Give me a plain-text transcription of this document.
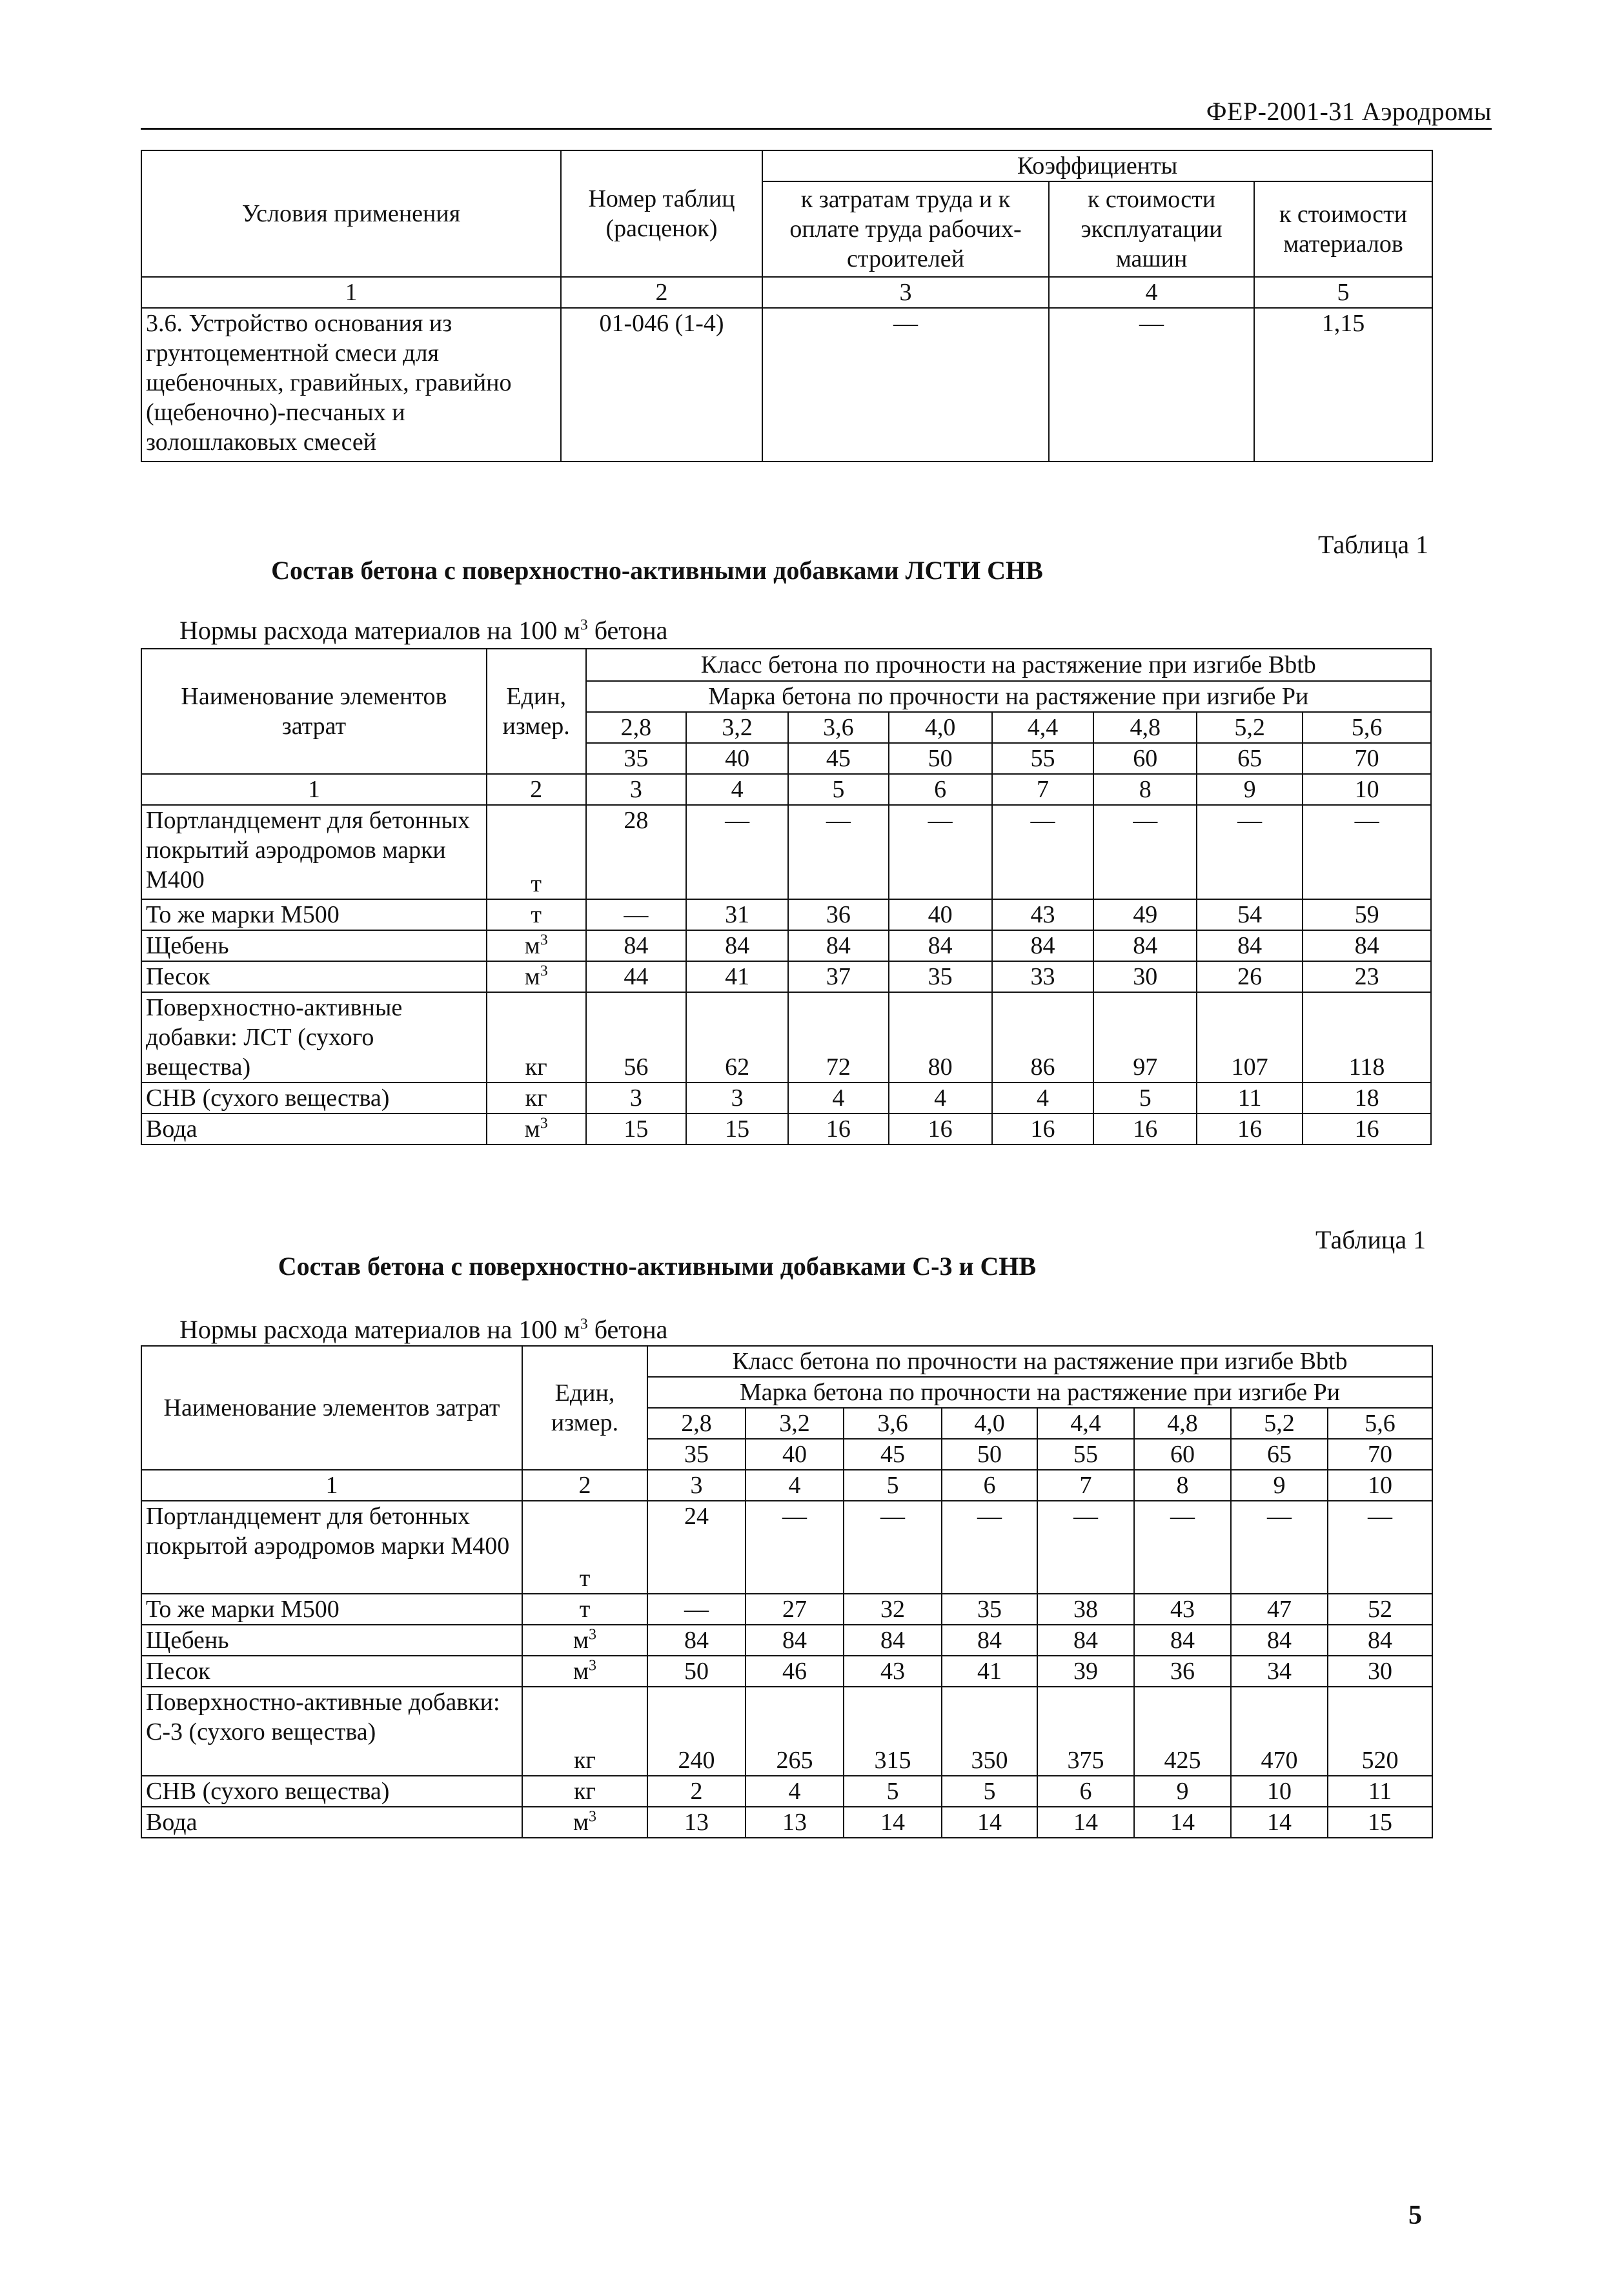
ФЕР-2001-31 Аэродромы
Условия применения	Номер таблиц (расценок)	Коэффициенты		
		к затратам труда и к оплате труда рабочих-строителей	к стоимости эксплуатации машин	к стоимости материалов
1	2	3	4	5
3.6. Устройство основания из грунтоцементной смеси для щебеночных, гравийных, гравийно (щебеночно)-песчаных и золошлаковых смесей	01-046 (1-4)	—	—	1,15
Таблица 1
Состав бетона с поверхностно-активными добавками ЛСТИ СНВ
Нормы расхода материалов на 100 $м^3$ бетона
Наименование элементов затрат	Един, измер.	Класс бетона по прочности на растяжение при изгибе Bbtb							
		Марка бетона по прочности на растяжение при изгибе Ри							
		2,8	3,2	3,6	4,0	4,4	4,8	5,2	5,6
		35	40	45	50	55	60	65	70
1	2	3	4	5	6	7	8	9	10
Портландцемент для бетонных покрытий аэродромов марки М400	т	28	—	—	—	—	—	—	—
То же марки М500	т	—	31	36	40	43	49	54	59
Щебень	$м^3$	84	84	84	84	84	84	84	84
Песок	$м^3$	44	41	37	35	33	30	26	23
Поверхностно-активные добавки: ЛСТ (сухого вещества)	кг	56	62	72	80	86	97	107	118
СНВ (сухого вещества)	кг	3	3	4	4	4	5	11	18
Вода	$м^3$	15	15	16	16	16	16	16	16
Таблица 1
Состав бетона с поверхностно-активными добавками С-3 и СНВ
Нормы расхода материалов на 100 $м^3$ бетона
Наименование элементов затрат	Един, измер.	Класс бетона по прочности на растяжение при изгибе Bbtb							
		Марка бетона по прочности на растяжение при изгибе Ри							
		2,8	3,2	3,6	4,0	4,4	4,8	5,2	5,6
		35	40	45	50	55	60	65	70
1	2	3	4	5	6	7	8	9	10
Портландцемент для бетонных покрытой аэродромов марки М400	т	24	—	—	—	—	—	—	—
То же марки М500	т	—	27	32	35	38	43	47	52
Щебень	$м^3$	84	84	84	84	84	84	84	84
Песок	$м^3$	50	46	43	41	39	36	34	30
Поверхностно-активные добавки: С-3 (сухого вещества)	кг	240	265	315	350	375	425	470	520
СНВ (сухого вещества)	кг	2	4	5	5	6	9	10	11
Вода	$м^3$	13	13	14	14	14	14	14	15
5
